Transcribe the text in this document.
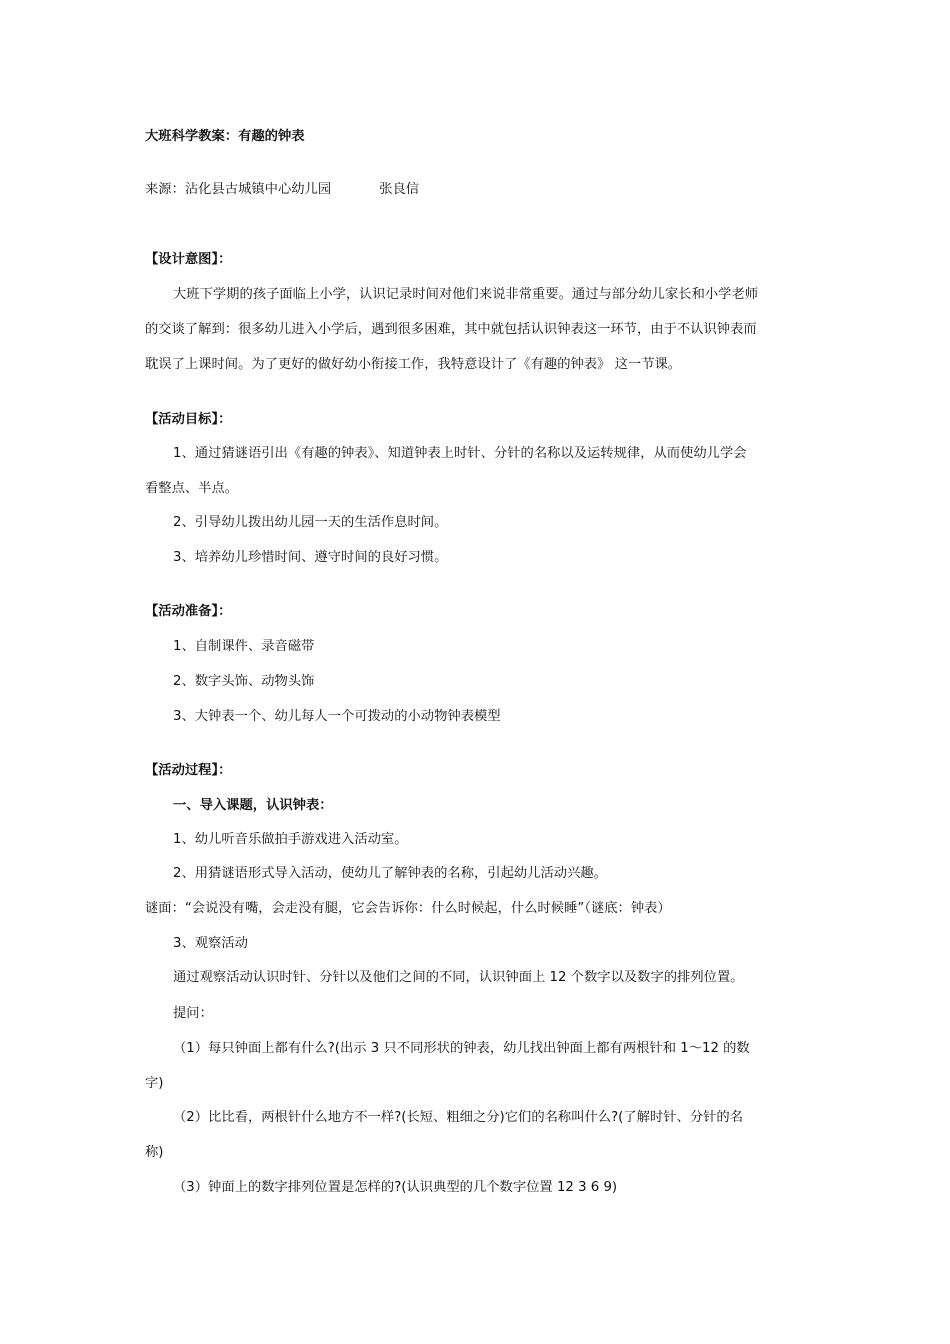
大班科学教案：有趣的钟表
来源：沾化县古城镇中心幼儿园	张良信
【设计意图】：
大班下学期的孩子面临上小学，认识记录时间对他们来说非常重要。通过与部分幼儿家长和小学老师
的交谈了解到：很多幼儿进入小学后，遇到很多困难，其中就包括认识钟表这一环节，由于不认识钟表而
耽误了上课时间。为了更好的做好幼小衔接工作，我特意设计了《有趣的钟表》 这一节课。
【活动目标】：
1、通过猜谜语引出《有趣的钟表》、知道钟表上时针、分针的名称以及运转规律，从而使幼儿学会
看整点、半点。
2、引导幼儿拨出幼儿园一天的生活作息时间。
3、培养幼儿珍惜时间、遵守时间的良好习惯。
【活动准备】：
1、自制课件、录音磁带
2、数字头饰、动物头饰
3、大钟表一个、幼儿每人一个可拨动的小动物钟表模型
【活动过程】：
一、导入课题，认识钟表：
1、幼儿听音乐做拍手游戏进入活动室。
2、用猜谜语形式导入活动，使幼儿了解钟表的名称，引起幼儿活动兴趣。
谜面：“会说没有嘴，会走没有腿，它会告诉你：什么时候起，什么时候睡”（谜底：钟表）
3、观察活动
通过观察活动认识时针、分针以及他们之间的不同，认识钟面上 12 个数字以及数字的排列位置。
提问：
（1）每只钟面上都有什么?(出示 3 只不同形状的钟表，幼儿找出钟面上都有两根针和 1～12 的数
字)
（2）比比看，两根针什么地方不一样?(长短、粗细之分)它们的名称叫什么?(了解时针、分针的名
称)
（3）钟面上的数字排列位置是怎样的?(认识典型的几个数字位置 12 3 6 9)
